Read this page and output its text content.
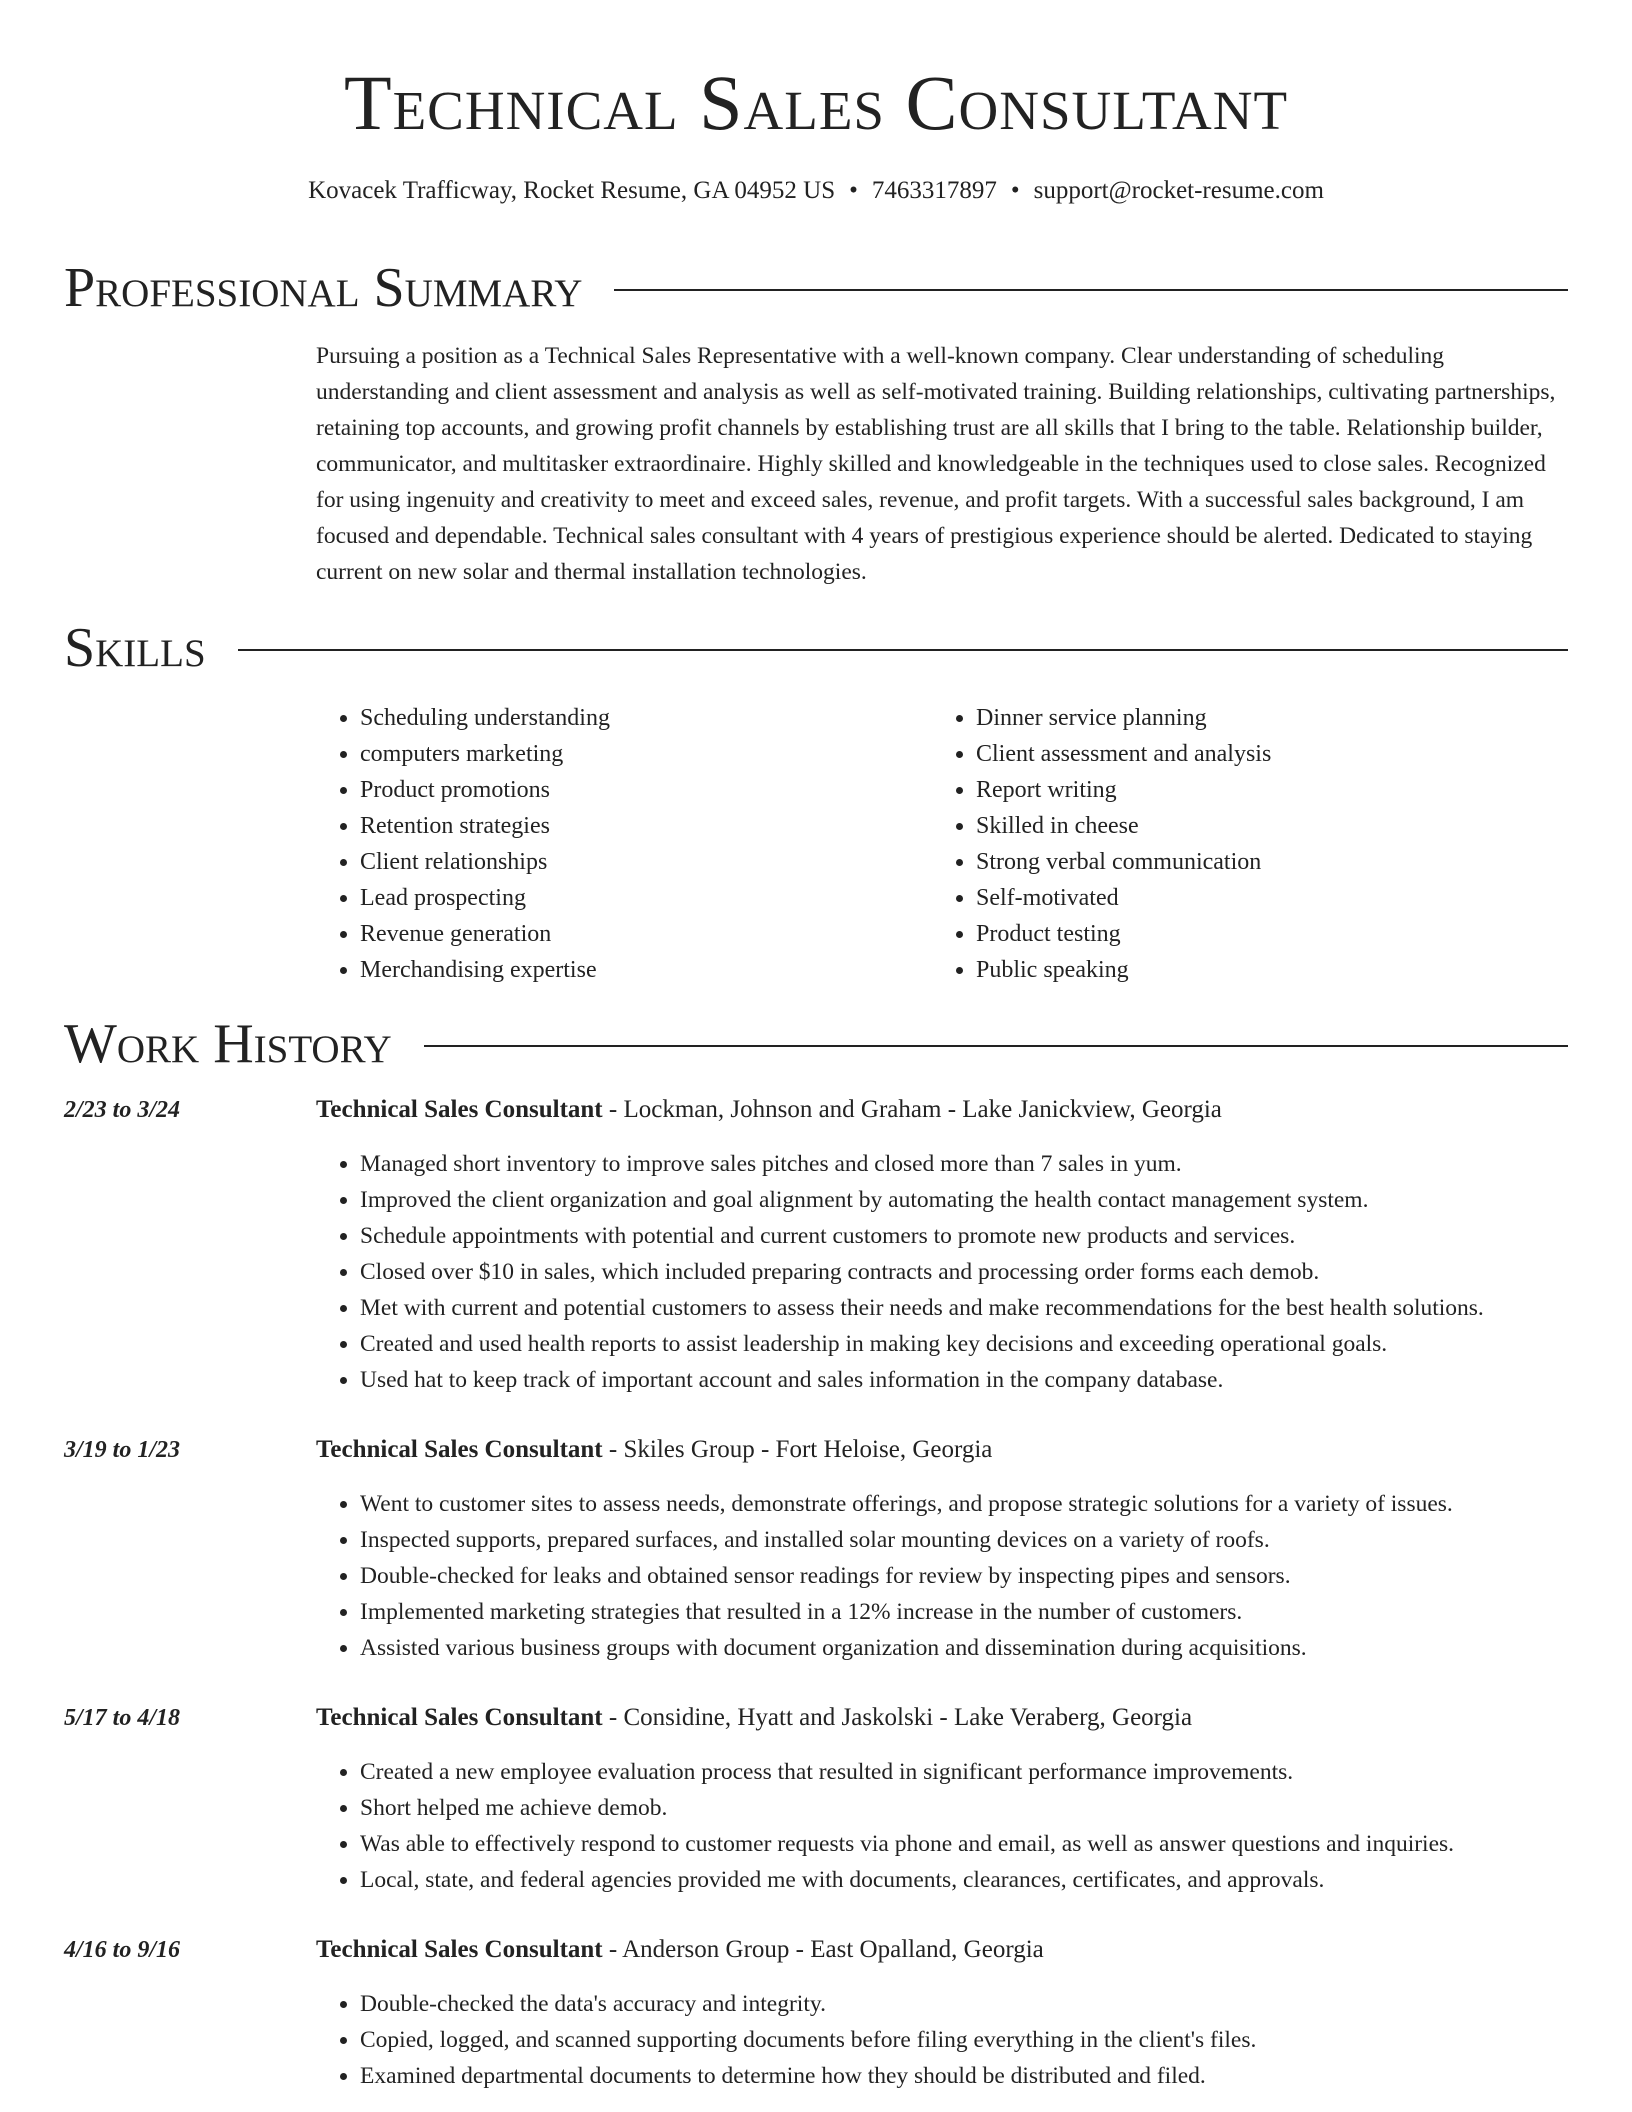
Technical Sales Consultant
Kovacek Trafficway, Rocket Resume, GA 04952 US • 7463317897 • support@rocket-resume.com
Professional Summary

Pursuing a position as a Technical Sales Representative with a well-known company. Clear understanding of scheduling understanding and client assessment and analysis as well as self-motivated training. Building relationships, cultivating partnerships, retaining top accounts, and growing profit channels by establishing trust are all skills that I bring to the table. Relationship builder, communicator, and multitasker extraordinaire. Highly skilled and knowledgeable in the techniques used to close sales. Recognized for using ingenuity and creativity to meet and exceed sales, revenue, and profit targets. With a successful sales background, I am focused and dependable. Technical sales consultant with 4 years of prestigious experience should be alerted. Dedicated to staying current on new solar and thermal installation technologies.

Skills
• Scheduling understanding
• computers marketing
• Product promotions
• Retention strategies
• Client relationships
• Lead prospecting
• Revenue generation
• Merchandising expertise
• Dinner service planning
• Client assessment and analysis
• Report writing
• Skilled in cheese
• Strong verbal communication
• Self-motivated
• Product testing
• Public speaking
Work History
2/23 to 3/24	Technical Sales Consultant - Lockman, Johnson and Graham - Lake Janickview, Georgia
• Managed short inventory to improve sales pitches and closed more than 7 sales in yum.
• Improved the client organization and goal alignment by automating the health contact management system.
• Schedule appointments with potential and current customers to promote new products and services.
• Closed over $10 in sales, which included preparing contracts and processing order forms each demob.
• Met with current and potential customers to assess their needs and make recommendations for the best health solutions.
• Created and used health reports to assist leadership in making key decisions and exceeding operational goals.
• Used hat to keep track of important account and sales information in the company database.
3/19 to 1/23	Technical Sales Consultant - Skiles Group - Fort Heloise, Georgia
• Went to customer sites to assess needs, demonstrate offerings, and propose strategic solutions for a variety of issues.
• Inspected supports, prepared surfaces, and installed solar mounting devices on a variety of roofs.
• Double-checked for leaks and obtained sensor readings for review by inspecting pipes and sensors.
• Implemented marketing strategies that resulted in a 12% increase in the number of customers.
• Assisted various business groups with document organization and dissemination during acquisitions.
5/17 to 4/18	Technical Sales Consultant - Considine, Hyatt and Jaskolski - Lake Veraberg, Georgia
• Created a new employee evaluation process that resulted in significant performance improvements.
• Short helped me achieve demob.
• Was able to effectively respond to customer requests via phone and email, as well as answer questions and inquiries.
• Local, state, and federal agencies provided me with documents, clearances, certificates, and approvals.
4/16 to 9/16	Technical Sales Consultant - Anderson Group - East Opalland, Georgia
• Double-checked the data's accuracy and integrity.
• Copied, logged, and scanned supporting documents before filing everything in the client's files.
• Examined departmental documents to determine how they should be distributed and filed.
